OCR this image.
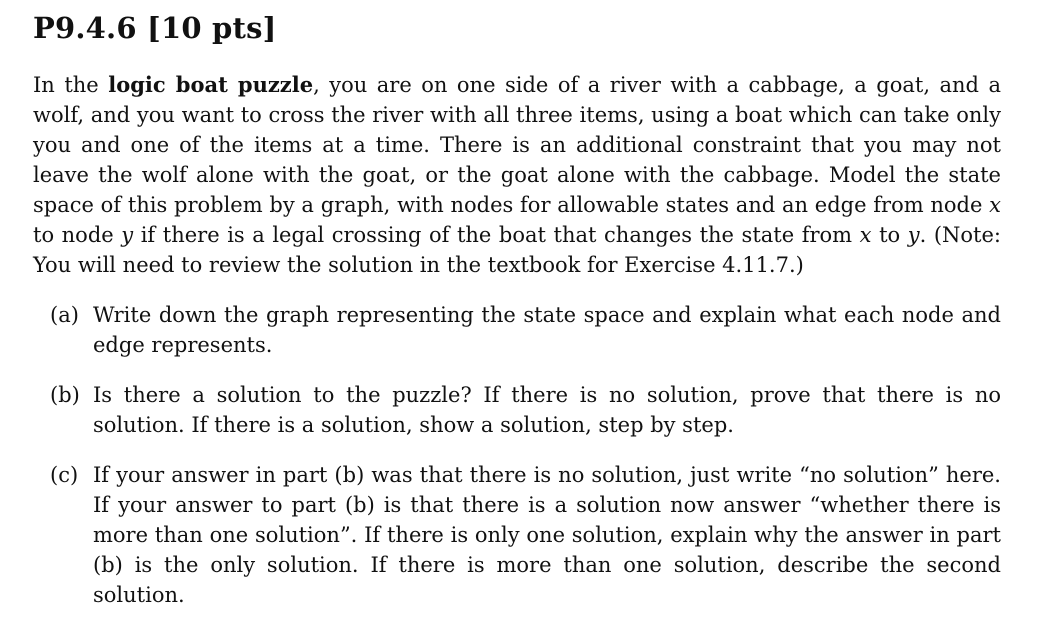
P9.4.6 [10 pts]

In the logic boat puzzle, you are on one side of a river with a cabbage, a goat, and a wolf, and you want to cross the river with all three items, using a boat which can take only you and one of the items at a time. There is an additional constraint that you may not leave the wolf alone with the goat, or the goat alone with the cabbage. Model the state space of this problem by a graph, with nodes for allowable states and an edge from node x to node y if there is a legal crossing of the boat that changes the state from x to y. (Note: You will need to review the solution in the textbook for Exercise 4.11.7.)

(a) Write down the graph representing the state space and explain what each node and edge represents.
(b) Is there a solution to the puzzle? If there is no solution, prove that there is no solution. If there is a solution, show a solution, step by step.
(c) If your answer in part (b) was that there is no solution, just write “no solution” here. If your answer to part (b) is that there is a solution now answer “whether there is more than one solution”. If there is only one solution, explain why the answer in part (b) is the only solution. If there is more than one solution, describe the second solution.
